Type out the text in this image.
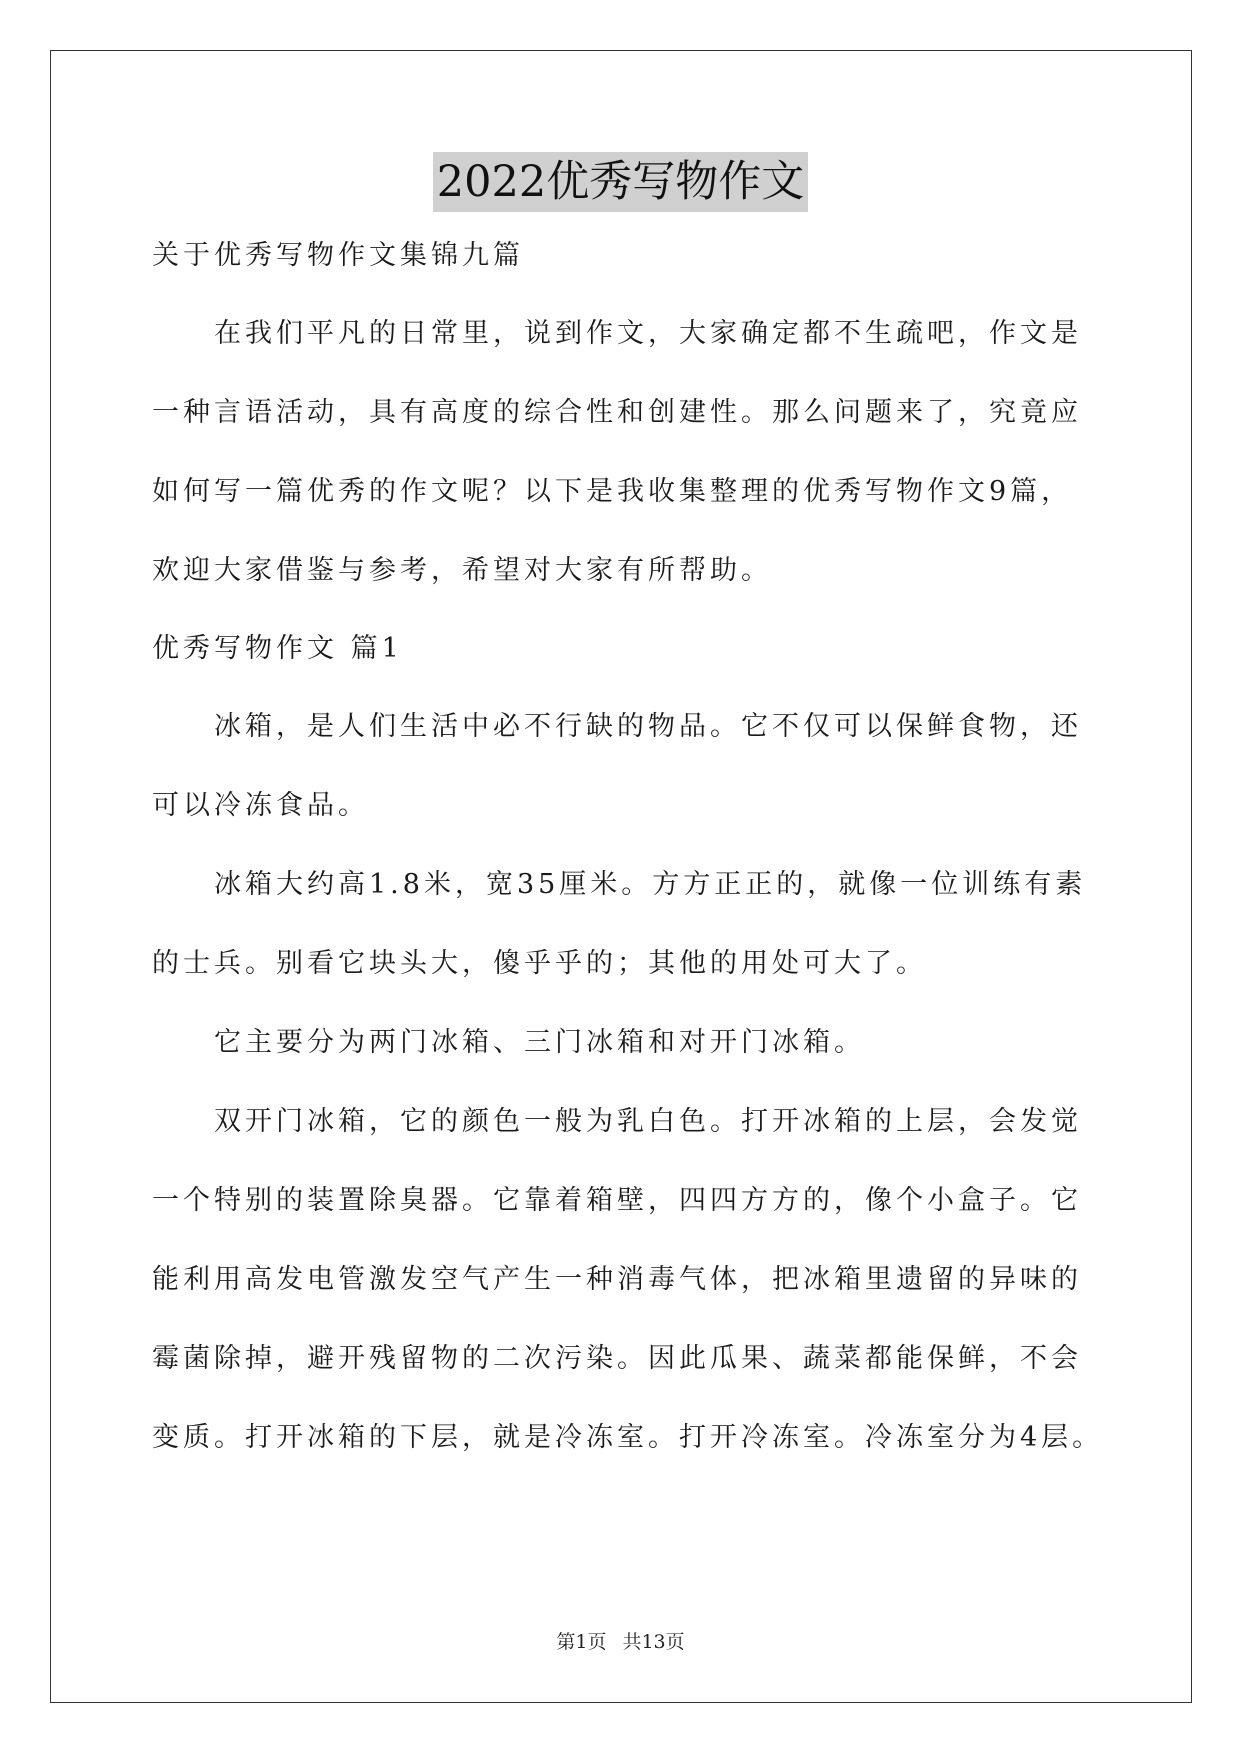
2022优秀写物作文

关于优秀写物作文集锦九篇

在我们平凡的日常里，说到作文，大家确定都不生疏吧，作文是

一种言语活动，具有高度的综合性和创建性。那么问题来了，究竟应

如何写一篇优秀的作文呢？以下是我收集整理的优秀写物作文9篇，

欢迎大家借鉴与参考，希望对大家有所帮助。

优秀写物作文 篇1

冰箱，是人们生活中必不行缺的物品。它不仅可以保鲜食物，还

可以冷冻食品。

冰箱大约高1.8米，宽35厘米。方方正正的，就像一位训练有素

的士兵。别看它块头大，傻乎乎的；其他的用处可大了。

它主要分为两门冰箱、三门冰箱和对开门冰箱。

双开门冰箱，它的颜色一般为乳白色。打开冰箱的上层，会发觉

一个特别的装置除臭器。它靠着箱壁，四四方方的，像个小盒子。它

能利用高发电管激发空气产生一种消毒气体，把冰箱里遗留的异味的

霉菌除掉，避开残留物的二次污染。因此瓜果、蔬菜都能保鲜，不会

变质。打开冰箱的下层，就是冷冻室。打开冷冻室。冷冻室分为4层。

第1页 共13页
